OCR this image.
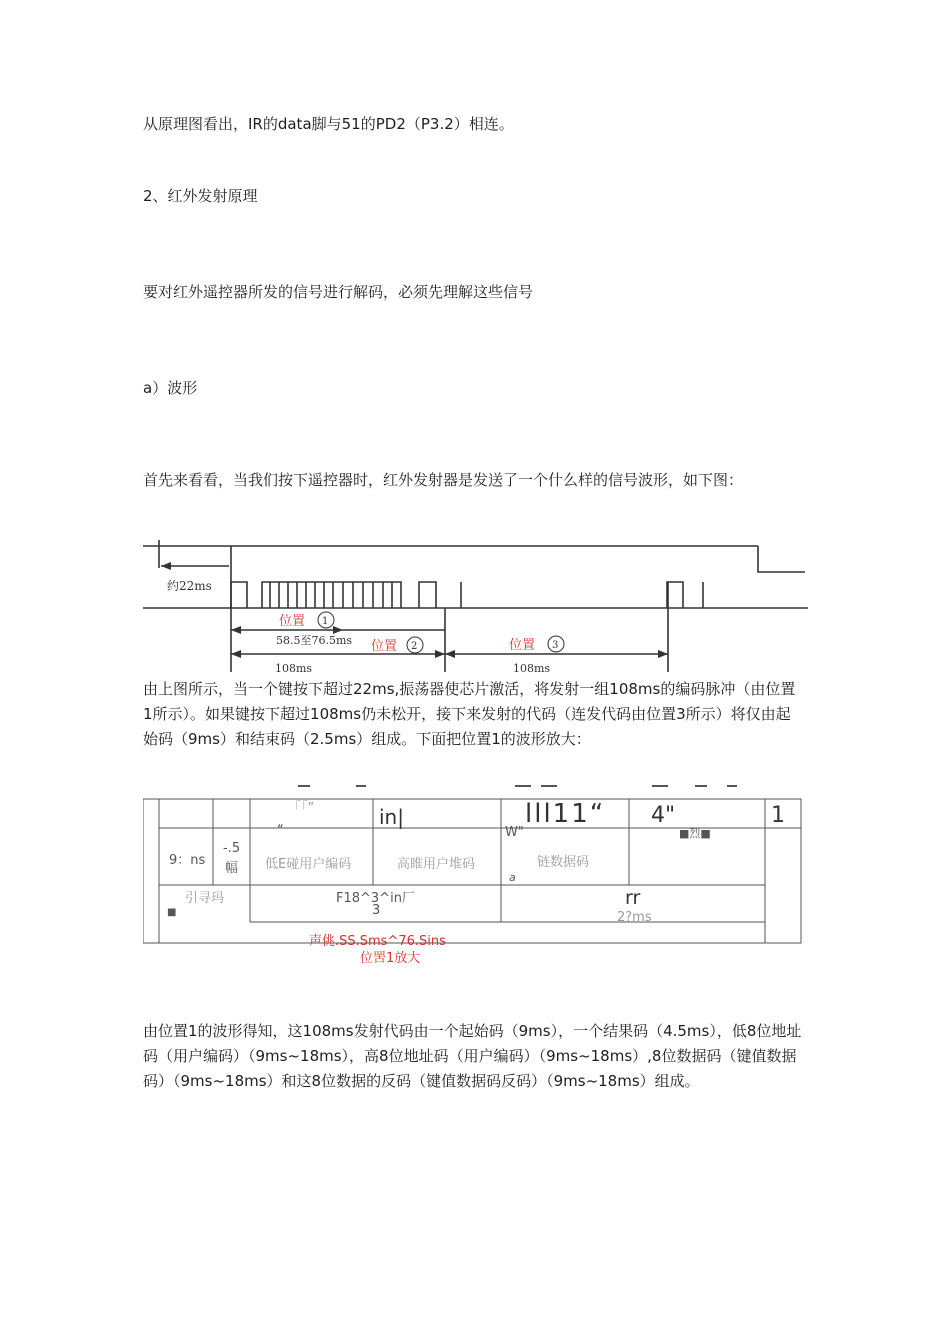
从原理图看出，IR的data脚与51的PD2（P3.2）相连。

2、红外发射原理

要对红外遥控器所发的信号进行解码，必须先理解这些信号

a）波形

首先来看看，当我们按下遥控器时，红外发射器是发送了一个什么样的信号波形，如下图：

约22ms
位置 1
58.5至76.5ms 位置 2	位置 3
108ms	108ms

由上图所示，当一个键按下超过22ms,振荡器使芯片激活，将发射一组108ms的编码脉冲（由位置1所示）。如果键按下超过108ms仍未松开，接下来发射的代码（连发代码由位置3所示）将仅由起始码（9ms）和结束码（2.5ms）组成。下面把位置1的波形放大：

「「”	in|	lll11“ 4"
■烈■
1
“	W"
9：ns
-.5
幅 低E碰用户编码	高睢用户堆码	链数据码
a
引寻玛
■
F18^3^in厂
3
rr
2?ms
声佻.SS.Sms^76.Sins
位罟1放大

由位置1的波形得知，这108ms发射代码由一个起始码（9ms），一个结果码（4.5ms），低8位地址码（用户编码）（9ms~18ms），高8位地址码（用户编码）（9ms~18ms）,8位数据码（键值数据码）（9ms~18ms）和这8位数据的反码（键值数据码反码）（9ms~18ms）组成。
